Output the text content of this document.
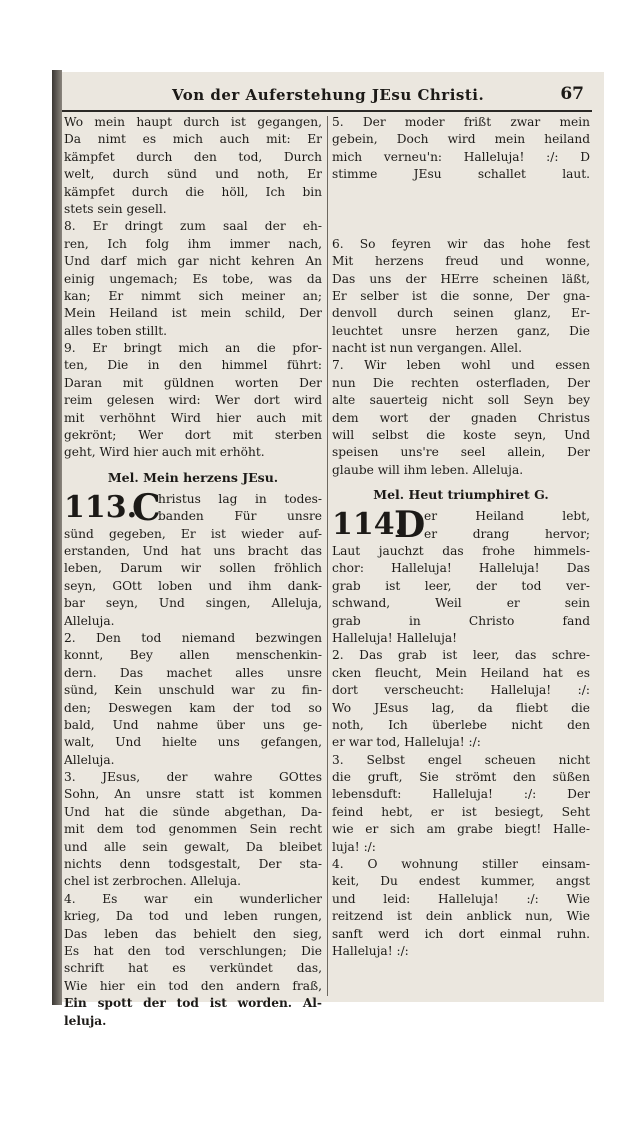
Von der Auferstehung JEsu Christi.	67
Wo mein haupt durch ist gegangen,
Da nimt es mich auch mit: Er
kämpfet durch den tod, Durch
welt, durch sünd und noth, Er
kämpfet durch die höll, Ich bin
stets sein gesell.
8. Er dringt zum saal der eh-
ren, Ich folg ihm immer nach,
Und darf mich gar nicht kehren An
einig ungemach; Es tobe, was da
kan; Er nimmt sich meiner an;
Mein Heiland ist mein schild, Der
alles toben stillt.
9. Er bringt mich an die pfor-
ten, Die in den himmel führt:
Daran mit güldnen worten Der
reim gelesen wird: Wer dort wird
mit verhöhnt Wird hier auch mit
gekrönt; Wer dort mit sterben
geht, Wird hier auch mit erhöht.
Mel. Mein herzens JEsu.
113.
C
hristus lag in todes-
banden Für unsre
sünd gegeben, Er ist wieder auf-
erstanden, Und hat uns bracht das
leben, Darum wir sollen fröhlich
seyn, GOtt loben und ihm dank-
bar seyn, Und singen, Alleluja,
Alleluja.
2. Den tod niemand bezwingen
konnt, Bey allen menschenkin-
dern. Das machet alles unsre
sünd, Kein unschuld war zu fin-
den; Deswegen kam der tod so
bald, Und nahme über uns ge-
walt, Und hielte uns gefangen,
Alleluja.
3. JEsus, der wahre GOttes
Sohn, An unsre statt ist kommen
Und hat die sünde abgethan, Da-
mit dem tod genommen Sein recht
und alle sein gewalt, Da bleibet
nichts denn todsgestalt, Der sta-
chel ist zerbrochen. Alleluja.
4. Es war ein wunderlicher
krieg, Da tod und leben rungen,
Das leben das behielt den sieg,
Es hat den tod verschlungen; Die
schrift hat es verkündet das,
Wie hier ein tod den andern fraß,
Ein spott der tod ist worden. Al-
leluja.
5. Der moder frißt zwar mein
gebein, Doch wird mein heiland
mich verneu'n: Halleluja! :/: D
stimme JEsu schallet laut.
6. So feyren wir das hohe fest
Mit herzens freud und wonne,
Das uns der HErre scheinen läßt,
Er selber ist die sonne, Der gna-
denvoll durch seinen glanz, Er-
leuchtet unsre herzen ganz, Die
nacht ist nun vergangen. Allel.
7. Wir leben wohl und essen
nun Die rechten osterfladen, Der
alte sauerteig nicht soll Seyn bey
dem wort der gnaden Christus
will selbst die koste seyn, Und
speisen uns're seel allein, Der
glaube will ihm leben. Alleluja.
Mel. Heut triumphiret G.
114.
D
er Heiland lebt,
er drang hervor;
Laut jauchzt das frohe himmels-
chor: Halleluja! Halleluja! Das
grab ist leer, der tod ver-
schwand, Weil er sein
grab in Christo fand
Halleluja! Halleluja!
2. Das grab ist leer, das schre-
cken fleucht, Mein Heiland hat es
dort verscheucht: Halleluja! :/:
Wo JEsus lag, da fliebt die
noth, Ich überlebe nicht den
er war tod, Halleluja! :/:
3. Selbst engel scheuen nicht
die gruft, Sie strömt den süßen
lebensduft: Halleluja! :/: Der
feind hebt, er ist besiegt, Seht
wie er sich am grabe biegt! Halle-
luja! :/:
4. O wohnung stiller einsam-
keit, Du endest kummer, angst
und leid: Halleluja! :/: Wie
reitzend ist dein anblick nun, Wie
sanft werd ich dort einmal ruhn.
Halleluja! :/:
